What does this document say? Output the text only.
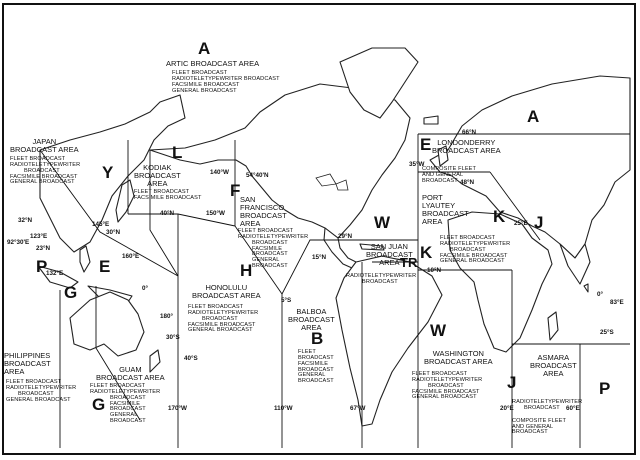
A
A
L
Y
F
W
E
K J
K
TR
P	E	H
G
B	W
J	P
G
ARTIC BROADCAST AREA
FLEET BROADCAST
RADIOTELETYPEWRITER BROADCAST
FACSIMILE BROADCAST
GENERAL BROADCAST
JAPAN
BROADCAST AREA
FLEET BROADCAST
RADIOTELETYPEWRITER
BROADCAST
FACSIMILE BROADCAST
GENERAL BROADCAST
KODIAK
BROADCAST
AREA
FLEET BROADCAST
FACSIMILE BROADCAST	SAN
FRANCISCO
BROADCAST
AREA
FLEET BROADCAST
RADIOTELETYPEWRITER
BROADCAST
FACSIMILE
BROADCAST
GENERAL
BROADCAST
HONOLULU
BROADCAST AREA
FLEET BROADCAST
RADIOTELETYPEWRITER
BROADCAST
FACSIMILE BROADCAST
GENERAL BROADCAST
BALBOA
BROADCAST
AREA
FLEET
BROADCAST
FACSIMILE
BROADCAST
GENERAL
BROADCAST
SAN JUAN
BROADCAST
AREA
RADIOTELETYPEWRITER
BROADCAST
LONDONDERRY
BROADCAST AREA
COMPOSITE FLEET
AND GENERAL
BROADCAST
PORT
LYAUTEY
BROADCAST
AREA
FLEET BROADCAST
RADIOTELETYPEWRITER
BROADCAST
FACSIMILE BROADCAST
GENERAL BROADCAST
PHILIPPINES
BROADCAST
AREA
FLEET BROADCAST
RADIOTELETYPEWRITER
BROADCAST
GENERAL BROADCAST
GUAM
BROADCAST AREA
FLEET BROADCAST
RADIOTELETYPEWRITER
BROADCAST
FACSIMILE
BROADCAST
GENERAL
BROADCAST
WASHINGTON
BROADCAST AREA
FLEET BROADCAST
RADIOTELETYPEWRITER
BROADCAST
FACSIMILE BROADCAST
GENERAL BROADCAST
ASMARA
BROADCAST
AREA
RADIOTELETYPEWRITER
BROADCAST
COMPOSITE FLEET
AND GENERAL
BROADCAST
66°N
140°W	54°40'N
35°W
48°N
40°N	150°W
25°E
32°N
145°E
30°N
123°E
23°N
92°30'E
132°E
160°E
29°N
15°N
10°N
0°
5°S
180°
30°S
40°S
0°
83°E
25°S
170°W	110°W	67°W	20°E	60°E
